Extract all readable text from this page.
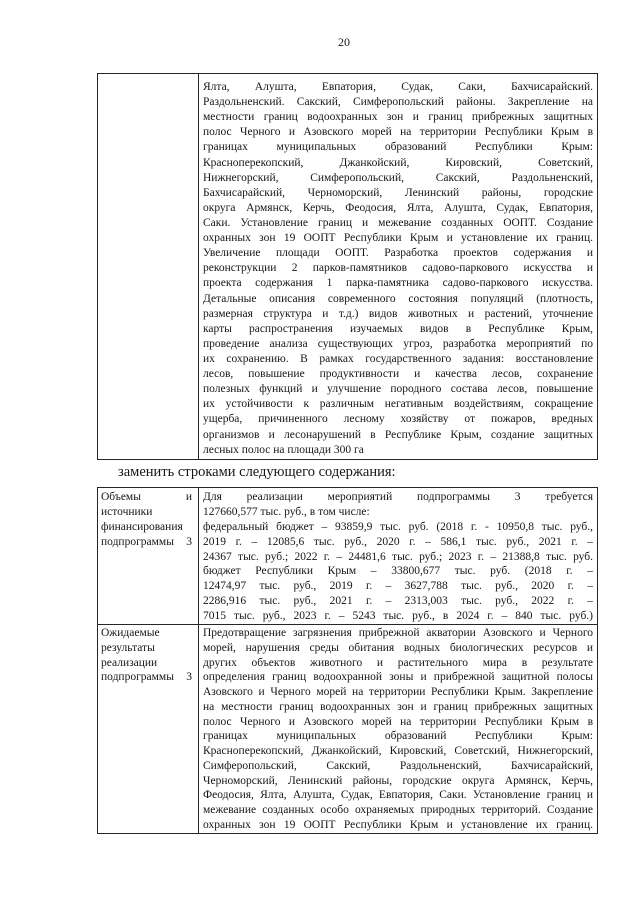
20
Ялта, Алушта, Евпатория, Судак, Саки, Бахчисарайский.
Раздольненский. Сакский, Симферопольский районы. Закрепление на
местности границ водоохранных зон и границ прибрежных защитных
полос Черного и Азовского морей на территории Республики Крым в
границах муниципальных образований Республики Крым:
Красноперекопский, Джанкойский, Кировский, Советский,
Нижнегорский, Симферопольский, Сакский, Раздольненский,
Бахчисарайский, Черноморский, Ленинский районы, городские
округа Армянск, Керчь, Феодосия, Ялта, Алушта, Судак, Евпатория,
Саки. Установление границ и межевание созданных ООПТ. Создание
охранных зон 19 ООПТ Республики Крым и установление их границ.
Увеличение площади ООПТ. Разработка проектов содержания и
реконструкции 2 парков-памятников садово-паркового искусства и
проекта содержания 1 парка-памятника садово-паркового искусства.
Детальные описания современного состояния популяций (плотность,
размерная структура и т.д.) видов животных и растений, уточнение
карты распространения изучаемых видов в Республике Крым,
проведение анализа существующих угроз, разработка мероприятий по
их сохранению. В рамках государственного задания: восстановление
лесов, повышение продуктивности и качества лесов, сохранение
полезных функций и улучшение породного состава лесов, повышение
их устойчивости к различным негативным воздействиям, сокращение
ущерба, причиненного лесному хозяйству от пожаров, вредных
организмов и лесонарушений в Республике Крым, создание защитных
лесных полос на площади 300 га
заменить строками следующего содержания:
Объемы и
источники
финансирования
подпрограммы 3
Для реализации мероприятий подпрограммы 3 требуется
127660,577 тыс. руб., в том числе:
федеральный бюджет – 93859,9 тыс. руб. (2018 г. - 10950,8 тыс. руб.,
2019 г. – 12085,6 тыс. руб., 2020 г. – 586,1 тыс. руб., 2021 г. –
24367 тыс. руб.; 2022 г. – 24481,6 тыс. руб.; 2023 г. – 21388,8 тыс. руб.
бюджет Республики Крым – 33800,677 тыс. руб. (2018 г. –
12474,97 тыс. руб., 2019 г. – 3627,788 тыс. руб., 2020 г. –
2286,916 тыс. руб., 2021 г. – 2313,003 тыс. руб., 2022 г. –
7015 тыс. руб., 2023 г. – 5243 тыс. руб., в 2024 г. – 840 тыс. руб.)
Ожидаемые
результаты
реализации
подпрограммы 3
Предотвращение загрязнения прибрежной акватории Азовского и Черного
морей, нарушения среды обитания водных биологических ресурсов и
других объектов животного и растительного мира в результате
определения границ водоохранной зоны и прибрежной защитной полосы
Азовского и Черного морей на территории Республики Крым. Закрепление
на местности границ водоохранных зон и границ прибрежных защитных
полос Черного и Азовского морей на территории Республики Крым в
границах муниципальных образований Республики Крым:
Красноперекопский, Джанкойский, Кировский, Советский, Нижнегорский,
Симферопольский, Сакский, Раздольненский, Бахчисарайский,
Черноморский, Ленинский районы, городские округа Армянск, Керчь,
Феодосия, Ялта, Алушта, Судак, Евпатория, Саки. Установление границ и
межевание созданных особо охраняемых природных территорий. Создание
охранных зон 19 ООПТ Республики Крым и установление их границ.
